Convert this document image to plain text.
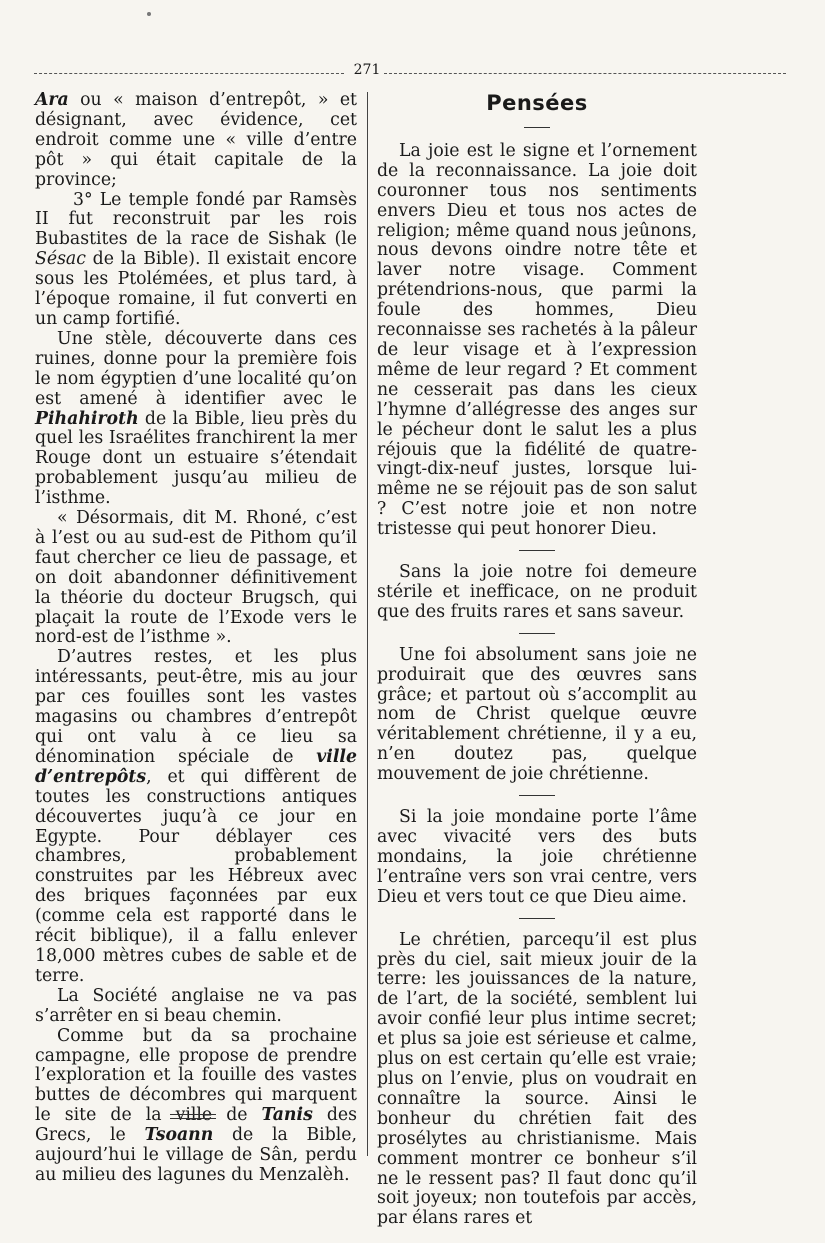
271

Ara ou « maison d’entrepôt, » et désignant, avec évidence, cet endroit comme une « ville d’entre pôt » qui était capitale de la province;

3° Le temple fondé par Ramsès II fut reconstruit par les rois Bubastites de la race de Sishak (le Sésac de la Bible). Il existait encore sous les Ptolémées, et plus tard, à l’époque romaine, il fut converti en un camp fortifié.

Une stèle, découverte dans ces ruines, donne pour la première fois le nom égyptien d’une localité qu’on est amené à identifier avec le Pihahiroth de la Bible, lieu près du quel les Israélites franchirent la mer Rouge dont un estuaire s’étendait probablement jusqu’au milieu de l’isthme.

« Désormais, dit M. Rhoné, c’est à l’est ou au sud-est de Pithom qu’il faut chercher ce lieu de passage, et on doit abandonner définitivement la théorie du docteur Brugsch, qui plaçait la route de l’Exode vers le nord-est de l’isthme ».

D’autres restes, et les plus intéressants, peut-être, mis au jour par ces fouilles sont les vastes magasins ou chambres d’entrepôt qui ont valu à ce lieu sa dénomination spéciale de ville d’entrepôts, et qui diffèrent de toutes les constructions antiques découvertes juqu’à ce jour en Egypte. Pour déblayer ces chambres, probablement construites par les Hébreux avec des briques façonnées par eux (comme cela est rapporté dans le récit biblique), il a fallu enlever 18,000 mètres cubes de sable et de terre.

La Société anglaise ne va pas s’arrêter en si beau chemin.

Comme but da sa prochaine campagne, elle propose de prendre l’exploration et la fouille des vastes buttes de décombres qui marquent le site de la ville de Tanis des Grecs, le Tsoann de la Bible, aujourd’hui le village de Sân, perdu au milieu des lagunes du Menzalèh.

Pensées

La joie est le signe et l’ornement de la reconnaissance. La joie doit couronner tous nos sentiments envers Dieu et tous nos actes de religion; même quand nous jeûnons, nous devons oindre notre tête et laver notre visage. Comment prétendrions-nous, que parmi la foule des hommes, Dieu reconnaisse ses rachetés à la pâleur de leur visage et à l’expression même de leur regard ? Et comment ne cesserait pas dans les cieux l’hymne d’allégresse des anges sur le pécheur dont le salut les a plus réjouis que la fidélité de quatre-vingt-dix-neuf justes, lorsque lui-même ne se réjouit pas de son salut ? C’est notre joie et non notre tristesse qui peut honorer Dieu.

Sans la joie notre foi demeure stérile et inefficace, on ne produit que des fruits rares et sans saveur.

Une foi absolument sans joie ne produirait que des œuvres sans grâce; et partout où s’accomplit au nom de Christ quelque œuvre véritablement chrétienne, il y a eu, n’en doutez pas, quelque mouvement de joie chrétienne.

Si la joie mondaine porte l’âme avec vivacité vers des buts mondains, la joie chrétienne l’entraîne vers son vrai centre, vers Dieu et vers tout ce que Dieu aime.

Le chrétien, parcequ’il est plus près du ciel, sait mieux jouir de la terre: les jouissances de la nature, de l’art, de la société, semblent lui avoir confié leur plus intime secret; et plus sa joie est sérieuse et calme, plus on est certain qu’elle est vraie; plus on l’envie, plus on voudrait en connaître la source. Ainsi le bonheur du chrétien fait des prosélytes au christianisme. Mais comment montrer ce bonheur s’il ne le ressent pas? Il faut donc qu’il soit joyeux; non toutefois par accès, par élans rares et
